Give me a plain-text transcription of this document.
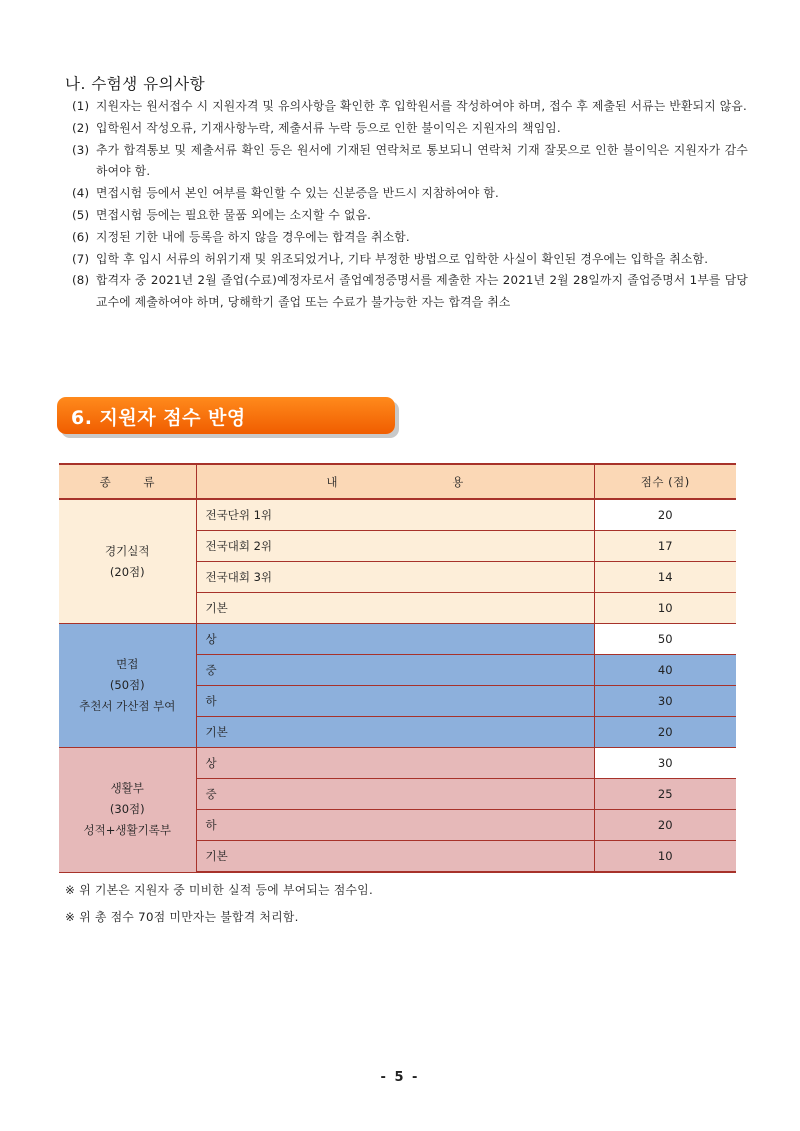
나. 수험생 유의사항
(1) 지원자는 원서접수 시 지원자격 및 유의사항을 확인한 후 입학원서를 작성하여야 하며, 접수 후 제출된 서류는 반환되지 않음.
(2) 입학원서 작성오류, 기재사항누락, 제출서류 누락 등으로 인한 불이익은 지원자의 책임임.
(3) 추가 합격통보 및 제출서류 확인 등은 원서에 기재된 연락처로 통보되니 연락처 기재 잘못으로 인한 불이익은 지원자가 감수하여야 함.
(4) 면접시험 등에서 본인 여부를 확인할 수 있는 신분증을 반드시 지참하여야 함.
(5) 면접시험 등에는 필요한 물품 외에는 소지할 수 없음.
(6) 지정된 기한 내에 등록을 하지 않을 경우에는 합격을 취소함.
(7) 입학 후 입시 서류의 허위기재 및 위조되었거나, 기타 부정한 방법으로 입학한 사실이 확인된 경우에는 입학을 취소함.
(8) 합격자 중 2021년 2월 졸업(수료)예정자로서 졸업예정증명서를 제출한 자는 2021년 2월 28일까지 졸업증명서 1부를 담당교수에 제출하여야 하며, 당해학기 졸업 또는 수료가 불가능한 자는 합격을 취소
6. 지원자 점수 반영
종 류	내 용	점수 (점)

경기실적
(20점)	전국단위 1위	20
	전국대회 2위	17
	전국대회 3위	14
	기본	10

면접
(50점)
추천서 가산점 부여	상	50
	중	40
	하	30
	기본	20

생활부
(30점)
성적+생활기록부	상	30
	중	25
	하	20
	기본	10
※ 위 기본은 지원자 중 미비한 실적 등에 부여되는 점수임.
※ 위 총 점수 70점 미만자는 불합격 처리함.
- 5 -
